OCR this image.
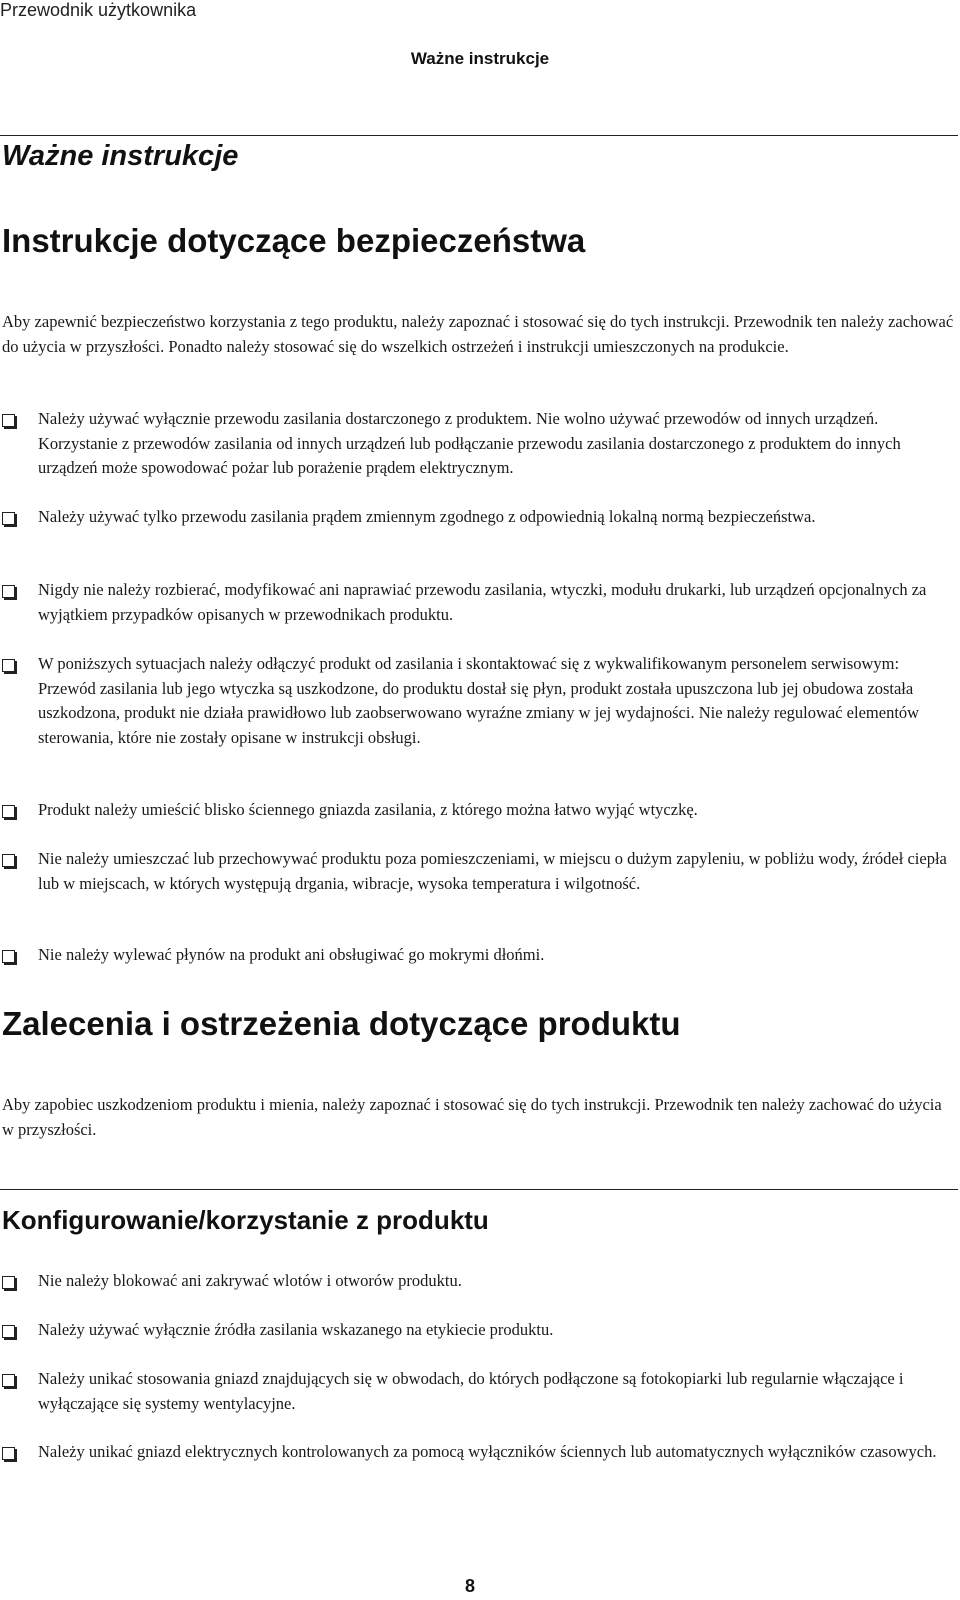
Przewodnik użytkownika
Ważne instrukcje
Ważne instrukcje
Instrukcje dotyczące bezpieczeństwa

Aby zapewnić bezpieczeństwo korzystania z tego produktu, należy zapoznać i stosować się do tych instrukcji. Przewodnik ten należy zachować do użycia w przyszłości. Ponadto należy stosować się do wszelkich ostrzeżeń i instrukcji umieszczonych na produkcie.

Należy używać wyłącznie przewodu zasilania dostarczonego z produktem. Nie wolno używać przewodów od innych urządzeń. Korzystanie z przewodów zasilania od innych urządzeń lub podłączanie przewodu zasilania dostarczonego z produktem do innych urządzeń może spowodować pożar lub porażenie prądem elektrycznym.
Należy używać tylko przewodu zasilania prądem zmiennym zgodnego z odpowiednią lokalną normą bezpieczeństwa.
Nigdy nie należy rozbierać, modyfikować ani naprawiać przewodu zasilania, wtyczki, modułu drukarki, lub urządzeń opcjonalnych za wyjątkiem przypadków opisanych w przewodnikach produktu.
W poniższych sytuacjach należy odłączyć produkt od zasilania i skontaktować się z wykwalifikowanym personelem serwisowym:
Przewód zasilania lub jego wtyczka są uszkodzone, do produktu dostał się płyn, produkt została upuszczona lub jej obudowa została uszkodzona, produkt nie działa prawidłowo lub zaobserwowano wyraźne zmiany w jej wydajności. Nie należy regulować elementów sterowania, które nie zostały opisane w instrukcji obsługi.
Produkt należy umieścić blisko ściennego gniazda zasilania, z którego można łatwo wyjąć wtyczkę.
Nie należy umieszczać lub przechowywać produktu poza pomieszczeniami, w miejscu o dużym zapyleniu, w pobliżu wody, źródeł ciepła lub w miejscach, w których występują drgania, wibracje, wysoka temperatura i wilgotność.
Nie należy wylewać płynów na produkt ani obsługiwać go mokrymi dłońmi.
Zalecenia i ostrzeżenia dotyczące produktu

Aby zapobiec uszkodzeniom produktu i mienia, należy zapoznać i stosować się do tych instrukcji. Przewodnik ten należy zachować do użycia w przyszłości.

Konfigurowanie/korzystanie z produktu
Nie należy blokować ani zakrywać wlotów i otworów produktu.
Należy używać wyłącznie źródła zasilania wskazanego na etykiecie produktu.
Należy unikać stosowania gniazd znajdujących się w obwodach, do których podłączone są fotokopiarki lub regularnie włączające i wyłączające się systemy wentylacyjne.
Należy unikać gniazd elektrycznych kontrolowanych za pomocą wyłączników ściennych lub automatycznych wyłączników czasowych.
8
